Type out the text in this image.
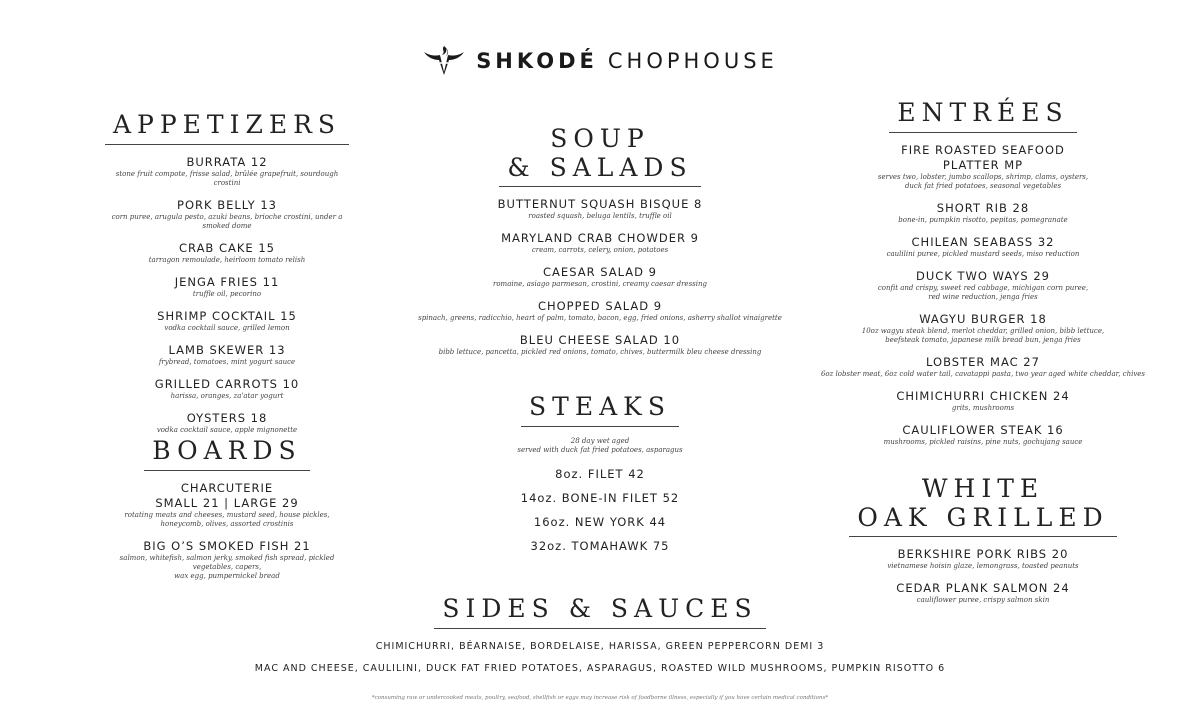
SHKODÉ CHOPHOUSE
APPETIZERS
BURRATA 12
stone fruit compote, frisse salad, brûlée grapefruit, sourdough crostini
PORK BELLY 13
corn puree, arugula pesto, azuki beans, brioche crostini, under a smoked dome
CRAB CAKE 15
tarragon remoulade, heirloom tomato relish
JENGA FRIES 11
truffle oil, pecorino
SHRIMP COCKTAIL 15
vodka cocktail sauce, grilled lemon
LAMB SKEWER 13
frybread, tomatoes, mint yogurt sauce
GRILLED CARROTS 10
harissa, oranges, za'atar yogurt
OYSTERS 18
vodka cocktail sauce, apple mignonette
BOARDS
CHARCUTERIE
SMALL 21 | LARGE 29
rotating meats and cheeses, mustard seed, house pickles,
honeycomb, olives, assorted crostinis
BIG O’S SMOKED FISH 21
salmon, whitefish, salmon jerky, smoked fish spread, pickled vegetables, capers,
wax egg, pumpernickel bread
SOUP
& SALADS
BUTTERNUT SQUASH BISQUE 8
roasted squash, beluga lentils, truffle oil
MARYLAND CRAB CHOWDER 9
cream, carrots, celery, onion, potatoes
CAESAR SALAD 9
romaine, asiago parmesan, crostini, creamy caesar dressing
CHOPPED SALAD 9
spinach, greens, radicchio, heart of palm, tomato, bacon, egg, fried onions, asherry shallot vinaigrette
BLEU CHEESE SALAD 10
bibb lettuce, pancetta, pickled red onions, tomato, chives, buttermilk bleu cheese dressing
STEAKS
28 day wet aged
served with duck fat fried potatoes, asparagus
8oz. FILET 42
14oz. BONE-IN FILET 52
16oz. NEW YORK 44
32oz. TOMAHAWK 75
ENTRÉES
FIRE ROASTED SEAFOOD
PLATTER MP
serves two, lobster, jumbo scallops, shrimp, clams, oysters,
duck fat fried potatoes, seasonal vegetables
SHORT RIB 28
bone-in, pumpkin risotto, pepitas, pomegranate
CHILEAN SEABASS 32
caulilini puree, pickled mustard seeds, miso reduction
DUCK TWO WAYS 29
confit and crispy, sweet red cabbage, michigan corn puree,
red wine reduction, jenga fries
WAGYU BURGER 18
10oz wagyu steak blend, merlot cheddar, grilled onion, bibb lettuce,
beefsteak tomato, japanese milk bread bun, jenga fries
LOBSTER MAC 27
6oz lobster meat, 6oz cold water tail, cavatappi pasta, two year aged white cheddar, chives
CHIMICHURRI CHICKEN 24
grits, mushrooms
CAULIFLOWER STEAK 16
mushrooms, pickled raisins, pine nuts, gochujang sauce
WHITE
OAK GRILLED
BERKSHIRE PORK RIBS 20
vietnamese hoisin glaze, lemongrass, toasted peanuts
CEDAR PLANK SALMON 24
cauliflower puree, crispy salmon skin
SIDES & SAUCES
CHIMICHURRI, BÉARNAISE, BORDELAISE, HARISSA, GREEN PEPPERCORN DEMI 3
MAC AND CHEESE, CAULILINI, DUCK FAT FRIED POTATOES, ASPARAGUS, ROASTED WILD MUSHROOMS, PUMPKIN RISOTTO 6
*consuming raw or undercooked meats, poultry, seafood, shellfish or eggs may increase risk of foodborne illness, especially if you have certain medical conditions*
